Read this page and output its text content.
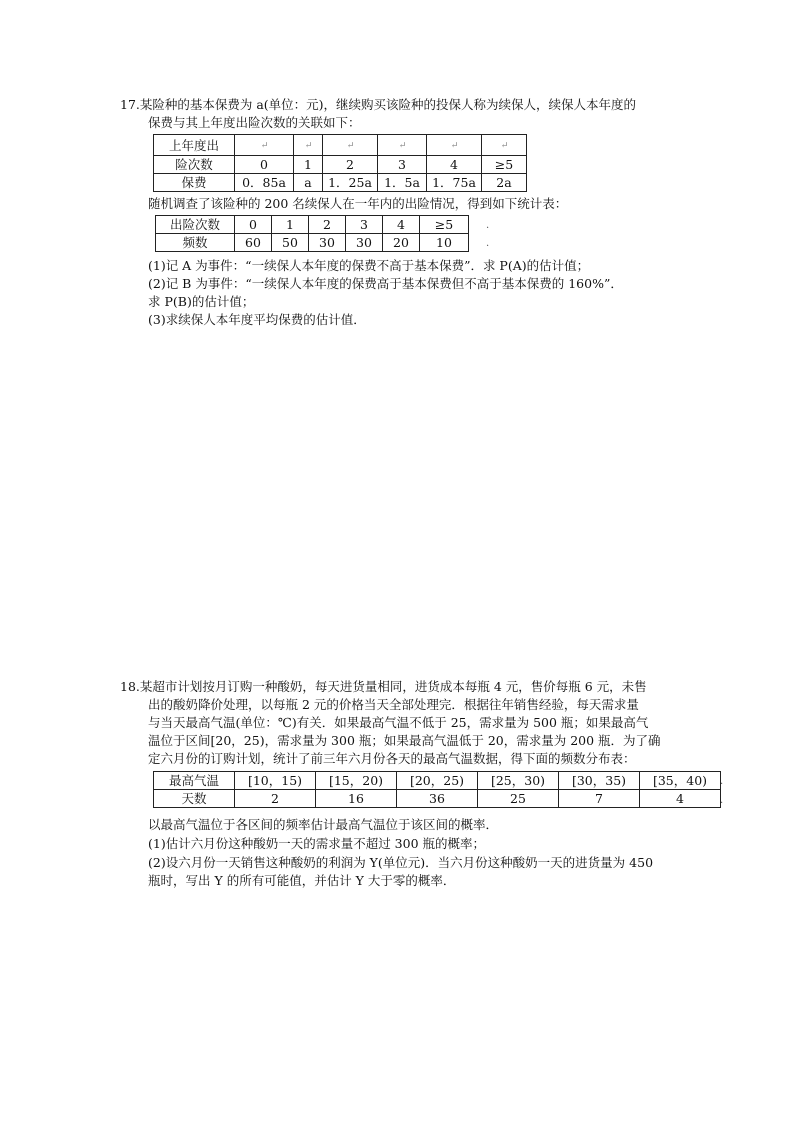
17.某险种的基本保费为 a(单位：元)，继续购买该险种的投保人称为续保人，续保人本年度的
保费与其上年度出险次数的关联如下：
上年度出	↵	↵	↵	↵	↵	↵
险次数	0	1	2	3	4	≥5
保费	0．85a	a	1．25a	1．5a	1．75a	2a
随机调查了该险种的 200 名续保人在一年内的出险情况，得到如下统计表：
出险次数	0	1	2	3	4	≥5
频数	60	50	30	30	20	10
.
.
(1)记 A 为事件：“一续保人本年度的保费不高于基本保费”．求 P(A)的估计值；
(2)记 B 为事件：“一续保人本年度的保费高于基本保费但不高于基本保费的 160%”．
求 P(B)的估计值；
(3)求续保人本年度平均保费的估计值．
18.某超市计划按月订购一种酸奶，每天进货量相同，进货成本每瓶 4 元，售价每瓶 6 元，未售
出的酸奶降价处理，以每瓶 2 元的价格当天全部处理完．根据往年销售经验，每天需求量
与当天最高气温(单位：℃)有关．如果最高气温不低于 25，需求量为 500 瓶；如果最高气
温位于区间[20，25)，需求量为 300 瓶；如果最高气温低于 20，需求量为 200 瓶．为了确
定六月份的订购计划，统计了前三年六月份各天的最高气温数据，得下面的频数分布表：
最高气温	[10，15)	[15，20)	[20，25)	[25，30)	[30，35)	[35，40)
天数	2	16	36	25	7	4
.
.
以最高气温位于各区间的频率估计最高气温位于该区间的概率．
(1)估计六月份这种酸奶一天的需求量不超过 300 瓶的概率；
(2)设六月份一天销售这种酸奶的利润为 Y(单位元)．当六月份这种酸奶一天的进货量为 450
瓶时，写出 Y 的所有可能值，并估计 Y 大于零的概率．
